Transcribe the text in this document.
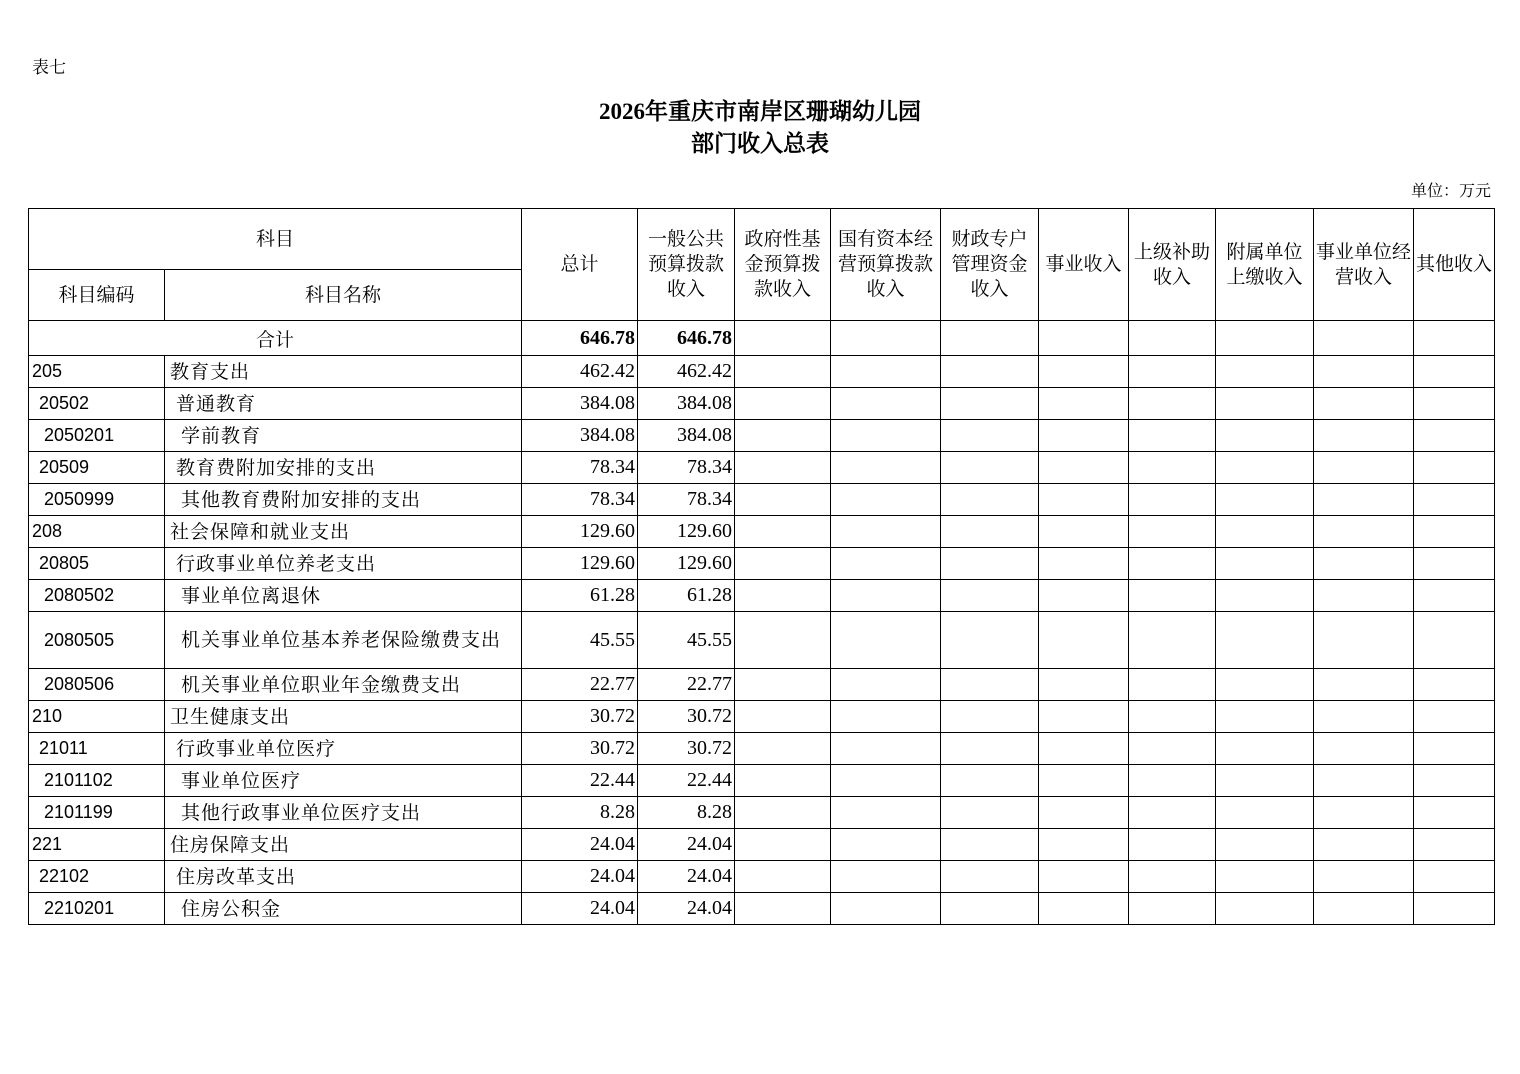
表七
2026年重庆市南岸区珊瑚幼儿园
部门收入总表
单位：万元
科目		总计	一般公共预算拨款收入	政府性基金预算拨款收入	国有资本经营预算拨款收入	财政专户管理资金收入	事业收入	上级补助收入	附属单位上缴收入	事业单位经营收入	其他收入
科目编码	科目名称										
合计		646.78	646.78								
205	教育支出	462.42	462.42								
20502	普通教育	384.08	384.08								
2050201	学前教育	384.08	384.08								
20509	教育费附加安排的支出	78.34	78.34								
2050999	其他教育费附加安排的支出	78.34	78.34								
208	社会保障和就业支出	129.60	129.60								
20805	行政事业单位养老支出	129.60	129.60								
2080502	事业单位离退休	61.28	61.28								
2080505	机关事业单位基本养老保险缴费支出	45.55	45.55								
2080506	机关事业单位职业年金缴费支出	22.77	22.77								
210	卫生健康支出	30.72	30.72								
21011	行政事业单位医疗	30.72	30.72								
2101102	事业单位医疗	22.44	22.44								
2101199	其他行政事业单位医疗支出	8.28	8.28								
221	住房保障支出	24.04	24.04								
22102	住房改革支出	24.04	24.04								
2210201	住房公积金	24.04	24.04								
